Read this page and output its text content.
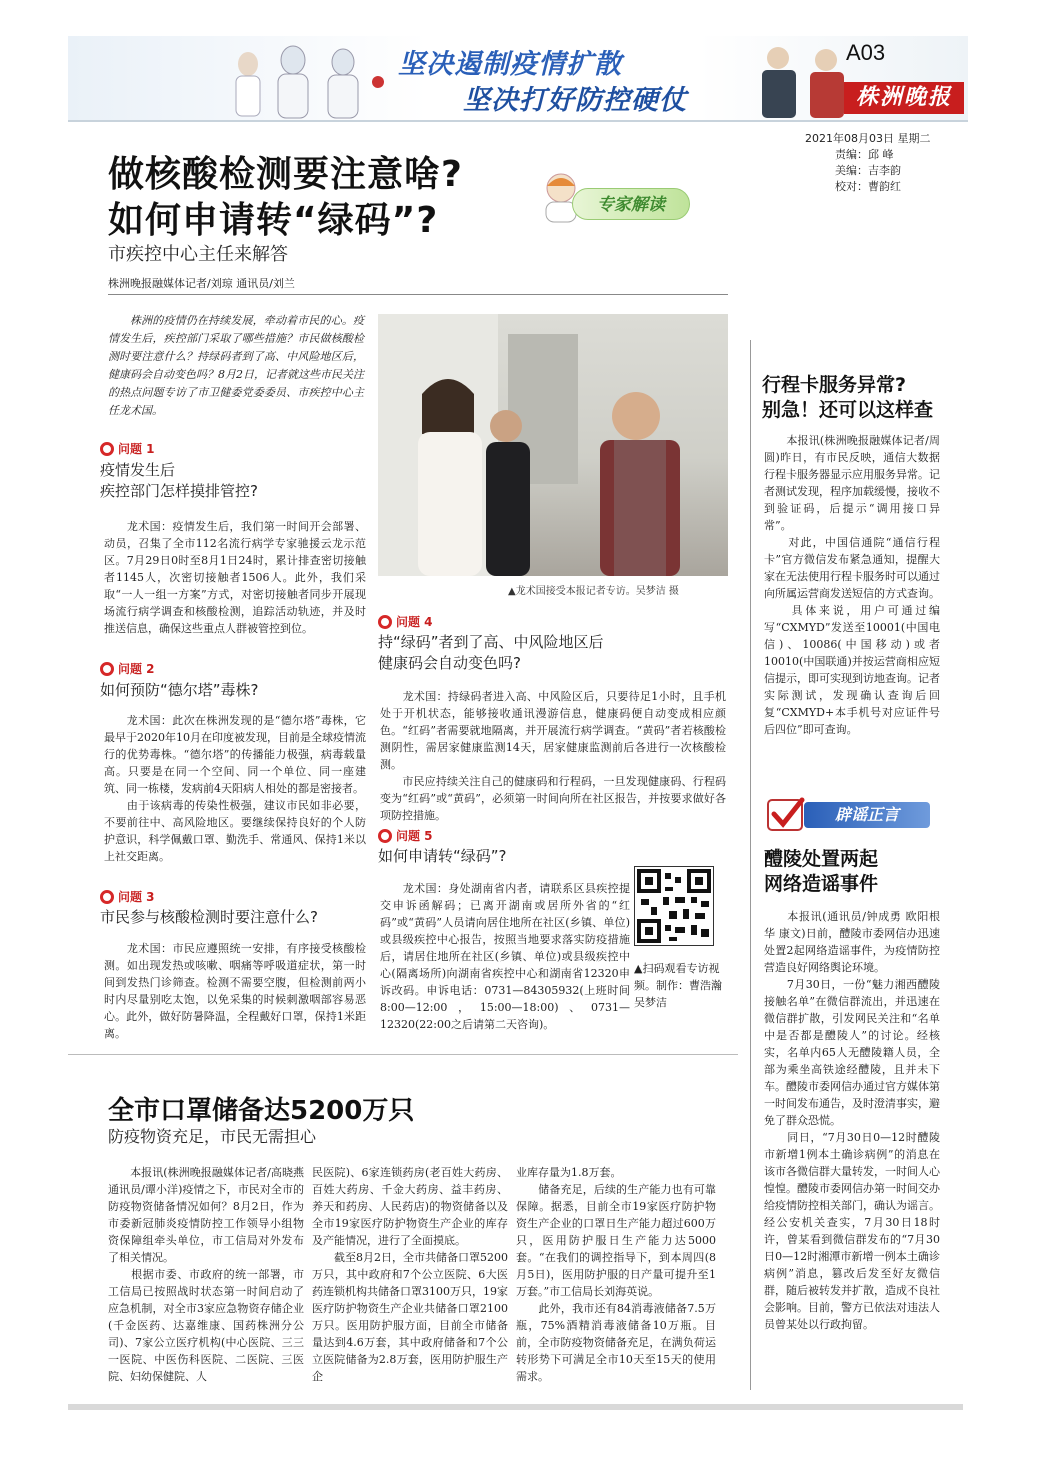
坚决遏制疫情扩散
坚决打好防控硬仗
A03
株洲晚报
2021年08月03日 星期二
责编：邱 峰
美编：吉李韵
校对：曹韵红
做核酸检测要注意啥?
如何申请转“绿码”?	专家解读
市疾控中心主任来解答
株洲晚报融媒体记者/刘琼 通讯员/刘兰
株洲的疫情仍在持续发展，牵动着市民的心。疫情发生后，疾控部门采取了哪些措施？市民做核酸检测时要注意什么？持绿码者到了高、中风险地区后，健康码会自动变色吗？8月2日，记者就这些市民关注的热点问题专访了市卫健委党委委员、市疾控中心主任龙术国。
问题 1
疫情发生后
疾控部门怎样摸排管控?
　　龙术国：疫情发生后，我们第一时间开会部署、动员，召集了全市112名流行病学专家驰援云龙示范区。7月29日0时至8月1日24时，累计排查密切接触者1145人，次密切接触者1506人。此外，我们采取“一人一组一方案”方式，对密切接触者同步开展现场流行病学调查和核酸检测，追踪活动轨迹，并及时推送信息，确保这些重点人群被管控到位。
问题 2
如何预防“德尔塔”毒株?
　　龙术国：此次在株洲发现的是“德尔塔”毒株，它最早于2020年10月在印度被发现，目前是全球疫情流行的优势毒株。“德尔塔”的传播能力极强，病毒载量高。只要是在同一个空间、同一个单位、同一座建筑、同一栋楼，发病前4天阳病人相处的都是密接者。
　　由于该病毒的传染性极强，建议市民如非必要，不要前往中、高风险地区。要继续保持良好的个人防护意识，科学佩戴口罩、勤洗手、常通风、保持1米以上社交距离。
问题 3
市民参与核酸检测时要注意什么?
　　龙术国：市民应遵照统一安排，有序接受核酸检测。如出现发热或咳嗽、咽痛等呼吸道症状，第一时间到发热门诊筛查。检测不需要空腹，但检测前两小时内尽量别吃太饱，以免采集的时候刺激咽部容易恶心。此外，做好防暑降温，全程戴好口罩，保持1米距离。
▲龙术国接受本报记者专访。吴梦洁 摄
问题 4
持“绿码”者到了高、中风险地区后
健康码会自动变色吗?
　　龙术国：持绿码者进入高、中风险区后，只要待足1小时，且手机处于开机状态，能够接收通讯漫游信息，健康码便自动变成相应颜色。“红码”者需要就地隔离，并开展流行病学调查。“黄码”者若核酸检测阴性，需居家健康监测14天，居家健康监测前后各进行一次核酸检测。
　　市民应持续关注自己的健康码和行程码，一旦发现健康码、行程码变为“红码”或“黄码”，必须第一时间向所在社区报告，并按要求做好各项防控措施。
问题 5
如何申请转“绿码”?
　　龙术国：身处湖南省内者，请联系区县疾控提交申诉函解码；已离开湖南或居所外省的“红码”或“黄码”人员请向居住地所在社区(乡镇、单位)或县级疾控中心报告，按照当地要求落实防疫措施后，请居住地所在社区(乡镇、单位)或县级疾控中心(隔离场所)向湖南省疾控中心和湖南省12320申诉改码。申诉电话：0731—84305932(上班时间8:00—12:00，15:00—18:00)、0731—12320(22:00之后请第二天咨询)。
▲扫码观看专访视频。制作：曹浩瀚 吴梦洁
行程卡服务异常?
别急！还可以这样查
　　本报讯(株洲晚报融媒体记者/周圆)昨日，有市民反映，通信大数据行程卡服务器显示应用服务异常。记者测试发现，程序加载缓慢，接收不到验证码，后提示“调用接口异常”。
　　对此，中国信通院“通信行程卡”官方微信发布紧急通知，提醒大家在无法使用行程卡服务时可以通过向所属运营商发送短信的方式查询。
　　具体来说，用户可通过编写“CXMYD”发送至10001(中国电信)、10086(中国移动)或者10010(中国联通)并按运营商相应短信提示，即可实现到访地查询。记者实际测试，发现确认查询后回复“CXMYD+本手机号对应证件号后四位”即可查询。
辟谣正言
醴陵处置两起
网络造谣事件
　　本报讯(通讯员/钟成勇 欧阳根华 康文)日前，醴陵市委网信办迅速处置2起网络造谣事件，为疫情防控营造良好网络舆论环境。
　　7月30日，一份“魅力湘西醴陵接触名单”在微信群流出，并迅速在微信群扩散，引发网民关注和“名单中是否都是醴陵人”的讨论。经核实，名单内65人无醴陵籍人员，全部为乘坐高铁途经醴陵，且并未下车。醴陵市委网信办通过官方媒体第一时间发布通告，及时澄清事实，避免了群众恐慌。
　　同日，“7月30日0—12时醴陵市新增1例本土确诊病例”的消息在该市各微信群大量转发，一时间人心惶惶。醴陵市委网信办第一时间交办给疫情防控相关部门，确认为谣言。经公安机关查实，7月30日18时许，曾某看到微信群发布的“7月30日0—12时湘潭市新增一例本土确诊病例”消息，篡改后发至好友微信群，随后被转发并扩散，造成不良社会影响。目前，警方已依法对违法人员曾某处以行政拘留。
全市口罩储备达5200万只
防疫物资充足，市民无需担心
　　本报讯(株洲晚报融媒体记者/高晓燕 通讯员/谭小洋)疫情之下，市民对全市的防疫物资储备情况如何？8月2日，作为市委新冠肺炎疫情防控工作领导小组物资保障组牵头单位，市工信局对外发布了相关情况。
　　根据市委、市政府的统一部署，市工信局已按照战时状态第一时间启动了应急机制，对全市3家应急物资存储企业(千金医药、达嘉维康、国药株洲分公司)、7家公立医疗机构(中心医院、三三一医院、中医伤科医院、二医院、三医院、妇幼保健院、人
民医院)、6家连锁药房(老百姓大药房、百姓大药房、千金大药房、益丰药房、养天和药房、人民药店)的物资储备以及全市19家医疗防护物资生产企业的库存及产能情况，进行了全面摸底。
　　截至8月2日，全市共储备口罩5200万只，其中政府和7个公立医院、6大医药连锁机构共储备口罩3100万只，19家医疗防护物资生产企业共储备口罩2100万只。医用防护服方面，目前全市储备量达到4.6万套，其中政府储备和7个公立医院储备为2.8万套，医用防护服生产企
业库存量为1.8万套。
　　储备充足，后续的生产能力也有可靠保障。据悉，目前全市19家医疗防护物资生产企业的口罩日生产能力超过600万只，医用防护服日生产能力达5000套。“在我们的调控指导下，到本周四(8月5日)，医用防护服的日产量可提升至1万套。”市工信局长刘海英说。
　　此外，我市还有84消毒液储备7.5万瓶，75%酒精消毒液储备10万瓶。目前，全市防疫物资储备充足，在满负荷运转形势下可满足全市10天至15天的使用需求。
